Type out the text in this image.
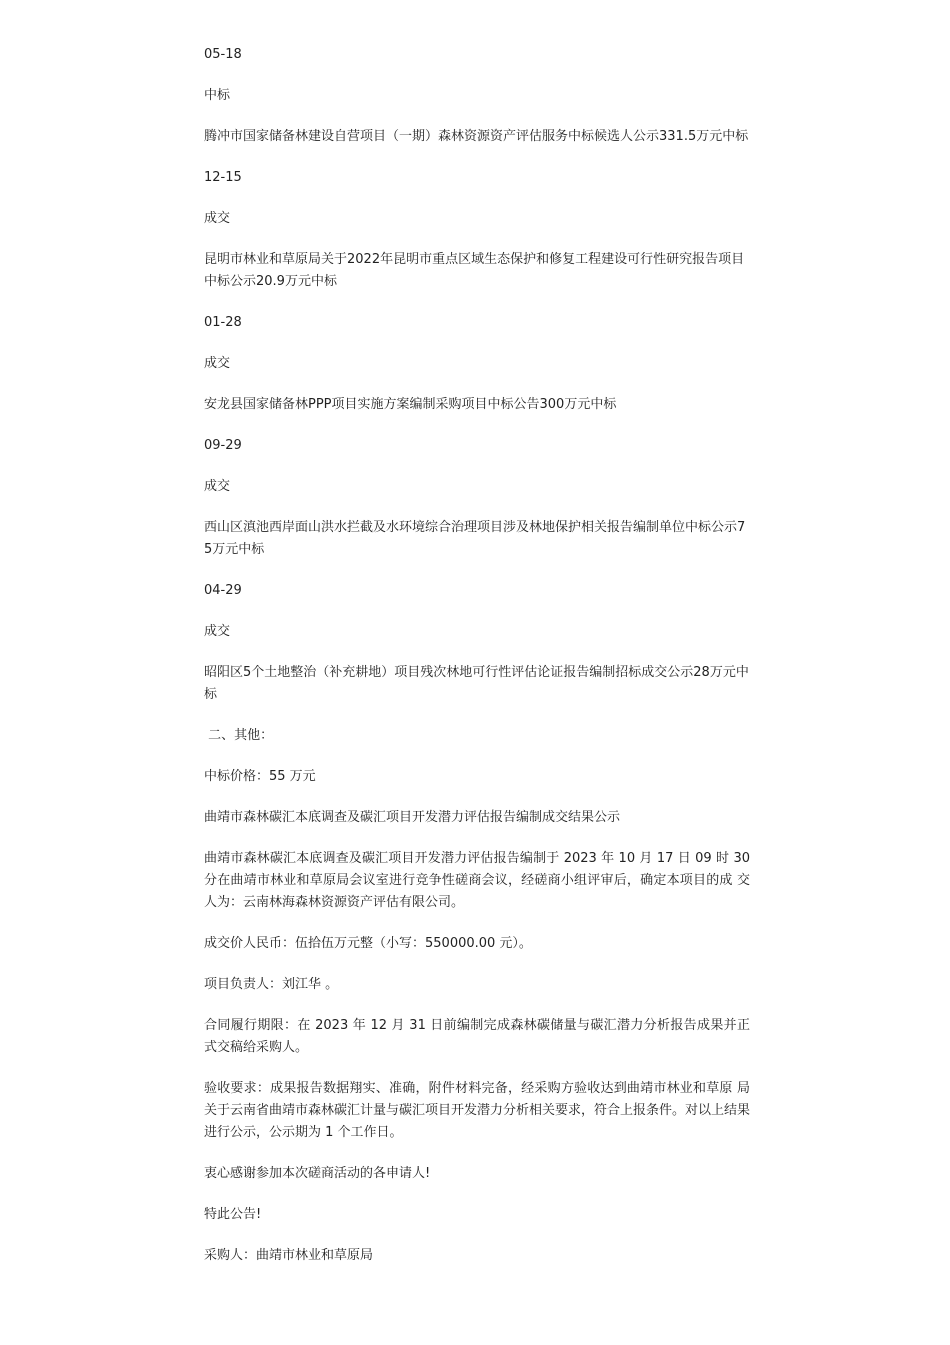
05-18

中标

腾冲市国家储备林建设自营项目（一期）森林资源资产评估服务中标候选人公示331.5万元中标

12-15

成交

昆明市林业和草原局关于2022年昆明市重点区域生态保护和修复工程建设可行性研究报告项目中标公示20.9万元中标

01-28

成交

安龙县国家储备林PPP项目实施方案编制采购项目中标公告300万元中标

09-29

成交

西山区滇池西岸面山洪水拦截及水环境综合治理项目涉及林地保护相关报告编制单位中标公示75万元中标

04-29

成交

昭阳区5个土地整治（补充耕地）项目残次林地可行性评估论证报告编制招标成交公示28万元中标

二、其他：

中标价格：55 万元

曲靖市森林碳汇本底调查及碳汇项目开发潜力评估报告编制成交结果公示

曲靖市森林碳汇本底调查及碳汇项目开发潜力评估报告编制于 2023 年 10 月 17 日 09 时 30 分在曲靖市林业和草原局会议室进行竞争性磋商会议，经磋商小组评审后，确定本项目的成 交人为：云南林海森林资源资产评估有限公司。

成交价人民币：伍拾伍万元整（小写：550000.00 元）。

项目负责人：刘江华 。

合同履行期限：在 2023 年 12 月 31 日前编制完成森林碳储量与碳汇潜力分析报告成果并正 式交稿给采购人。

验收要求：成果报告数据翔实、准确，附件材料完备，经采购方验收达到曲靖市林业和草原 局关于云南省曲靖市森林碳汇计量与碳汇项目开发潜力分析相关要求，符合上报条件。对以上结果进行公示，公示期为 1 个工作日。

衷心感谢参加本次磋商活动的各申请人!

特此公告!

采购人：曲靖市林业和草原局
